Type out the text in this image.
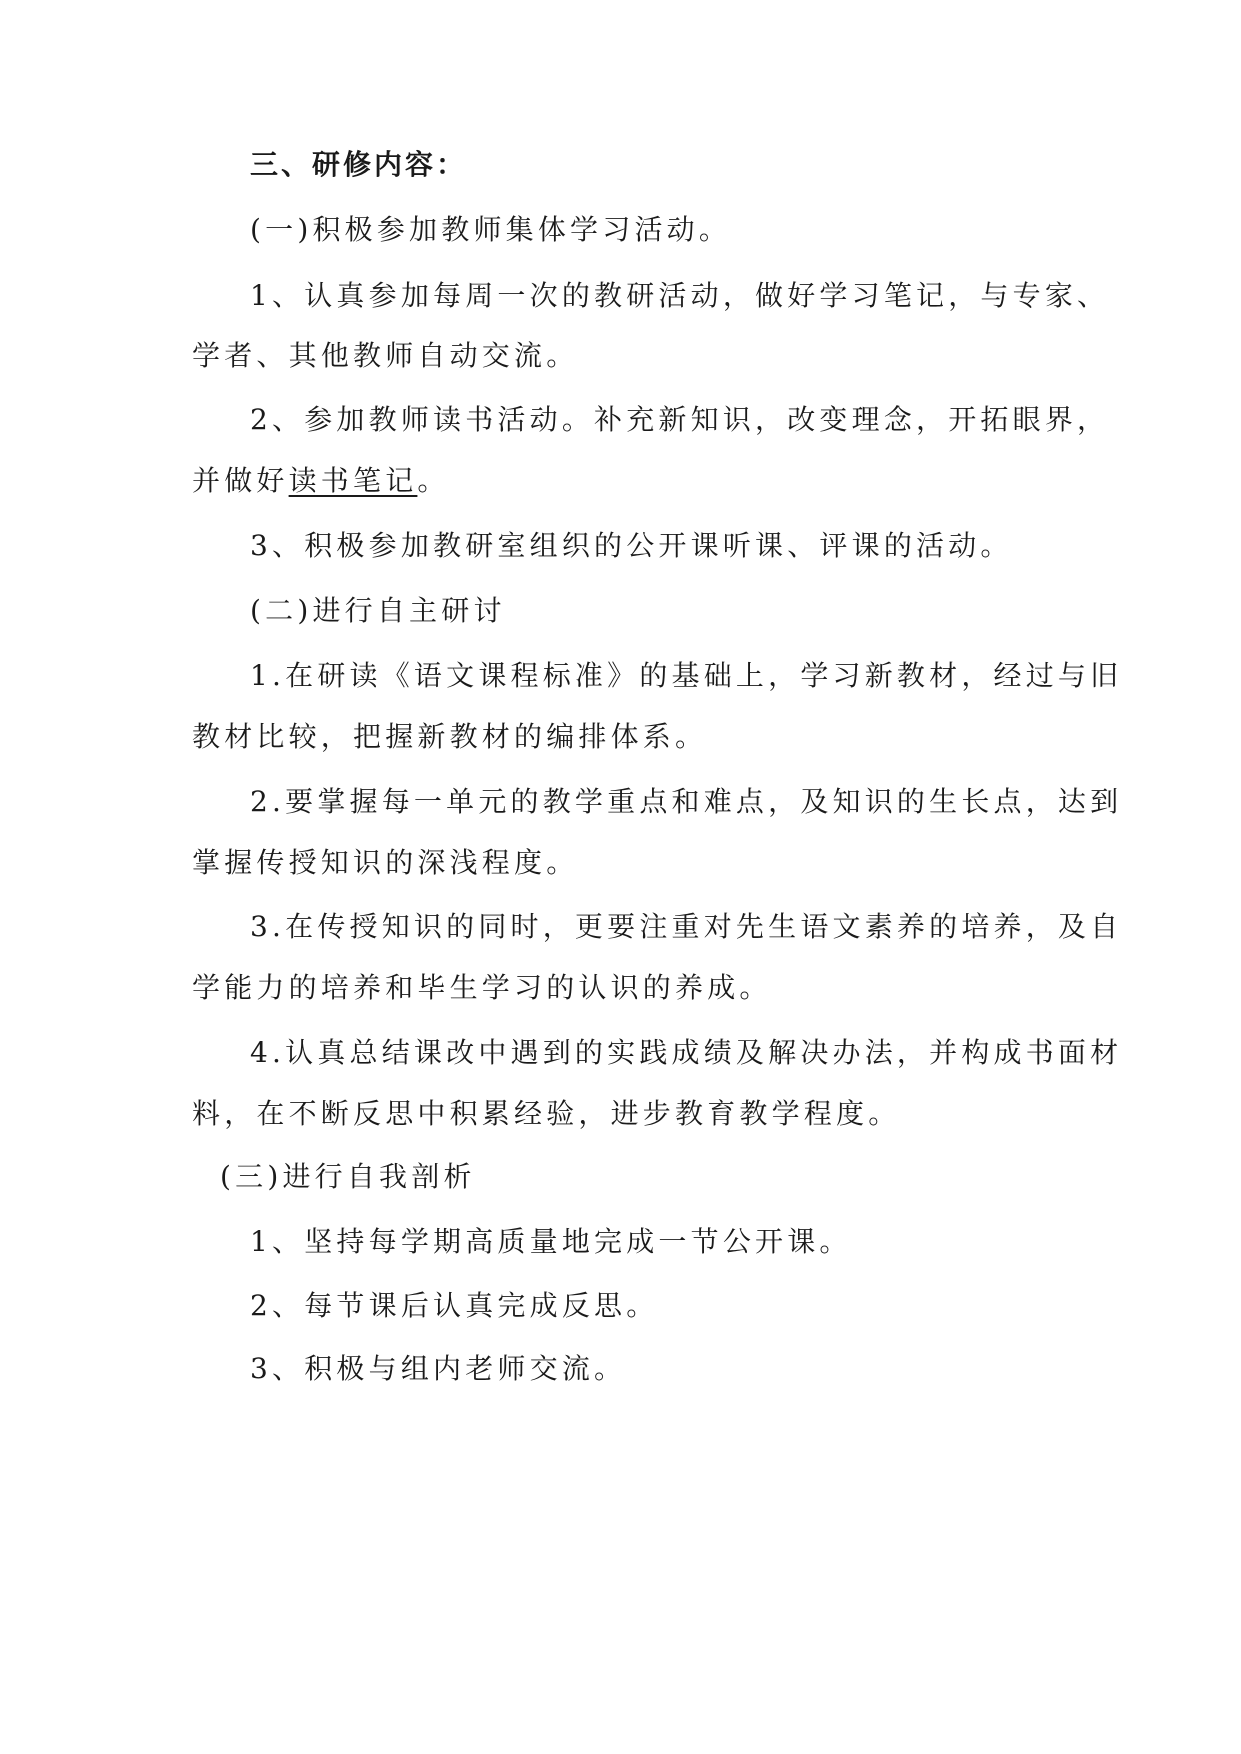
三、研修内容：
(一)积极参加教师集体学习活动。
1、认真参加每周一次的教研活动，做好学习笔记，与专家、
学者、其他教师自动交流。
2、参加教师读书活动。补充新知识，改变理念，开拓眼界，
并做好读书笔记。
3、积极参加教研室组织的公开课听课、评课的活动。
(二)进行自主研讨
1.在研读《语文课程标准》的基础上，学习新教材，经过与旧
教材比较，把握新教材的编排体系。
2.要掌握每一单元的教学重点和难点，及知识的生长点，达到
掌握传授知识的深浅程度。
3.在传授知识的同时，更要注重对先生语文素养的培养，及自
学能力的培养和毕生学习的认识的养成。
4.认真总结课改中遇到的实践成绩及解决办法，并构成书面材
料，在不断反思中积累经验，进步教育教学程度。
(三)进行自我剖析
1、坚持每学期高质量地完成一节公开课。
2、每节课后认真完成反思。
3、积极与组内老师交流。
